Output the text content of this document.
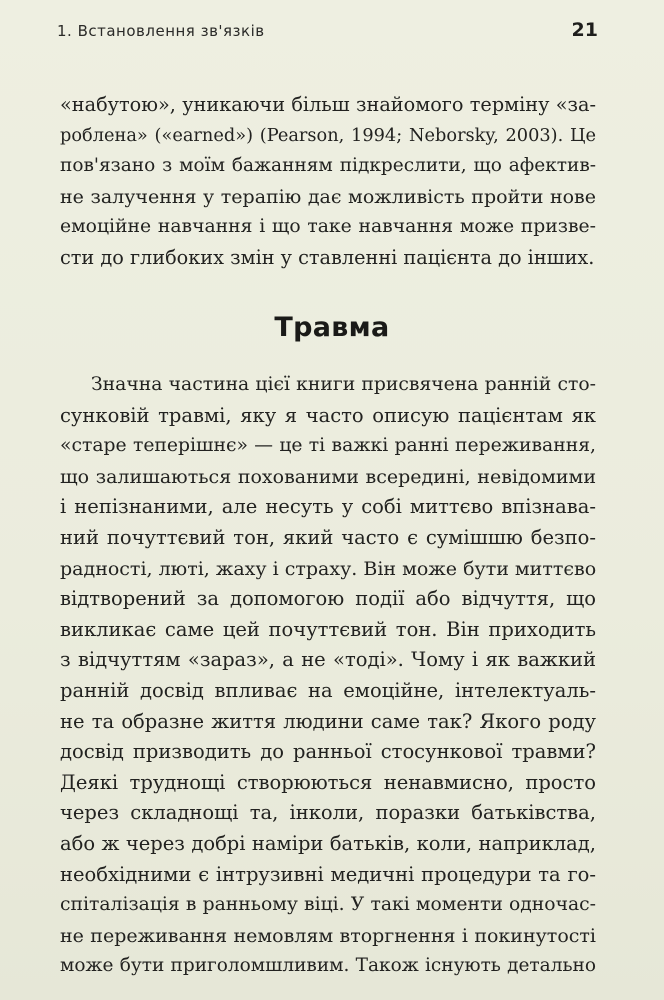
1. Встановлення зв'язків	21
«набутою», уникаючи більш знайомого терміну «за-
роблена» («earned») (Pearson, 1994; Neborsky, 2003). Це
пов'язано з моїм бажанням підкреслити, що афектив-
не залучення у терапію дає можливість пройти нове
емоційне навчання і що таке навчання може призве-
сти до глибоких змін у ставленні пацієнта до інших.
Травма
Значна частина цієї книги присвячена ранній сто-
сунковій травмі, яку я часто описую пацієнтам як
«старе теперішнє» — це ті важкі ранні переживання,
що залишаються похованими всередині, невідомими
і непізнаними, але несуть у собі миттєво впізнава-
ний почуттєвий тон, який часто є сумішшю безпо-
радності, люті, жаху і страху. Він може бути миттєво
відтворений за допомогою події або відчуття, що
викликає саме цей почуттєвий тон. Він приходить
з відчуттям «зараз», а не «тоді». Чому і як важкий
ранній досвід впливає на емоційне, інтелектуаль-
не та образне життя людини саме так? Якого роду
досвід призводить до ранньої стосункової травми?
Деякі труднощі створюються ненавмисно, просто
через складнощі та, інколи, поразки батьківства,
або ж через добрі наміри батьків, коли, наприклад,
необхідними є інтрузивні медичні процедури та го-
спіталізація в ранньому віці. У такі моменти одночас-
не переживання немовлям вторгнення і покинутості
може бути приголомшливим. Також існують детально
